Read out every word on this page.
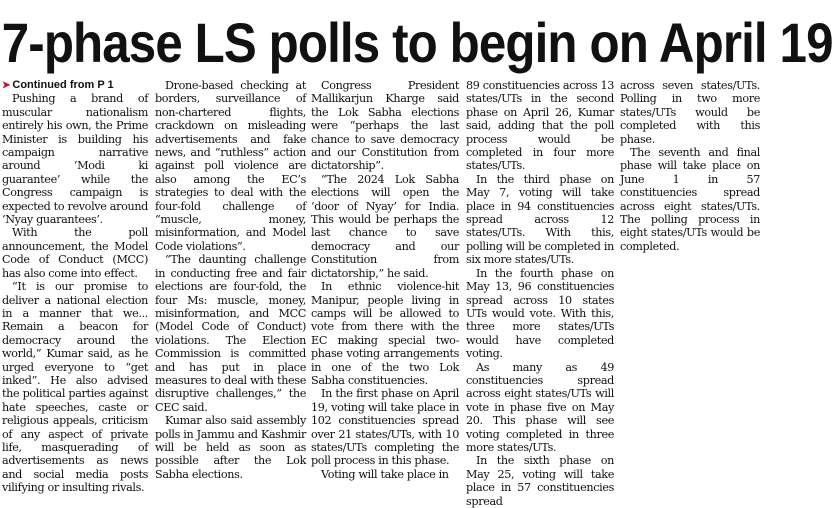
7-phase LS polls to begin on April 19
➤ Continued from P 1

Pushing a brand of muscular nationalism entirely his own, the Prime Minister is building his campaign narrative around ‘Modi ki guarantee’ while the Congress campaign is expected to revolve around ‘Nyay guarantees’.

With the poll announcement, the Model Code of Conduct (MCC) has also come into effect.

“It is our promise to deliver a national election in a manner that we... Remain a beacon for democracy around the world,” Kumar said, as he urged everyone to “get inked”. He also advised the political parties against hate speeches, caste or religious appeals, criticism of any aspect of private life, masquerading of advertisements as news and social media posts vilifying or insulting rivals.

Drone-based checking at borders, surveillance of non-chartered flights, crackdown on misleading advertisements and fake news, and “ruthless” action against poll violence are also among the EC’s strategies to deal with the four-fold challenge of “muscle, money, misinformation, and Model Code violations”.

“The daunting challenge in conducting free and fair elections are four-fold, the four Ms: muscle, money, misinformation, and MCC (Model Code of Conduct) violations. The Election Commission is committed and has put in place measures to deal with these disruptive challenges,” the CEC said.

Kumar also said assembly polls in Jammu and Kashmir will be held as soon as possible after the Lok Sabha elections.

Congress President Mallikarjun Kharge said the Lok Sabha elections were “perhaps the last chance to save democracy and our Constitution from dictatorship”.

“The 2024 Lok Sabha elections will open the ‘door of Nyay’ for India. This would be perhaps the last chance to save democracy and our Constitution from dictatorship,” he said.

In ethnic violence-hit Manipur, people living in camps will be allowed to vote from there with the EC making special two-phase voting arrangements in one of the two Lok Sabha constituencies.

In the first phase on April 19, voting will take place in 102 constituencies spread over 21 states/UTs, with 10 states/UTs completing the poll process in this phase.

Voting will take place in

89 constituencies across 13 states/UTs in the second phase on April 26, Kumar said, adding that the poll process would be completed in four more states/UTs.

In the third phase on May 7, voting will take place in 94 constituencies spread across 12 states/UTs. With this, polling will be completed in six more states/UTs.

In the fourth phase on May 13, 96 constituencies spread across 10 states UTs would vote. With this, three more states/UTs would have completed voting.

As many as 49 constituencies spread across eight states/UTs will vote in phase five on May 20. This phase will see voting completed in three more states/UTs.

In the sixth phase on May 25, voting will take place in 57 constituencies spread

across seven states/UTs. Polling in two more states/UTs would be completed with this phase.

The seventh and final phase will take place on June 1 in 57 constituencies spread across eight states/UTs. The polling process in eight states/UTs would be completed.
